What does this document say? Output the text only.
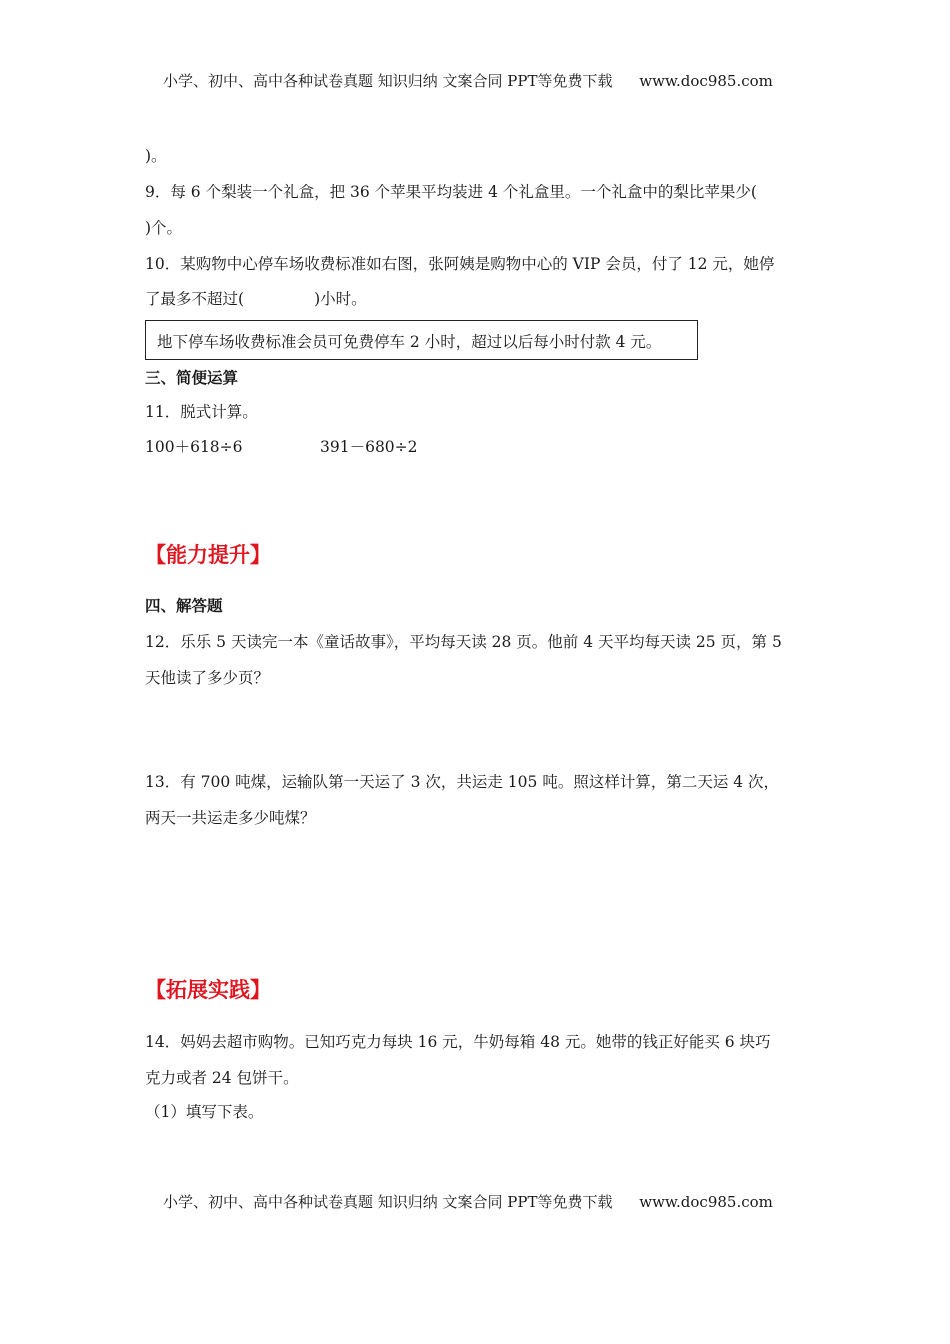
小学、初中、高中各种试卷真题 知识归纳 文案合同 PPT等免费下载 www.doc985.com
)。
9．每 6 个梨装一个礼盒，把 36 个苹果平均装进 4 个礼盒里。一个礼盒中的梨比苹果少(
)个。
10．某购物中心停车场收费标准如右图，张阿姨是购物中心的 VIP 会员，付了 12 元，她停
了最多不超过(	)小时。
地下停车场收费标准会员可免费停车 2 小时，超过以后每小时付款 4 元。
三、简便运算
11．脱式计算。
100＋618÷6	391－680÷2
【能力提升】
四、解答题
12．乐乐 5 天读完一本《童话故事》，平均每天读 28 页。他前 4 天平均每天读 25 页，第 5
天他读了多少页？
13．有 700 吨煤，运输队第一天运了 3 次，共运走 105 吨。照这样计算，第二天运 4 次，
两天一共运走多少吨煤？
【拓展实践】
14．妈妈去超市购物。已知巧克力每块 16 元，牛奶每箱 48 元。她带的钱正好能买 6 块巧
克力或者 24 包饼干。
（1）填写下表。
小学、初中、高中各种试卷真题 知识归纳 文案合同 PPT等免费下载 www.doc985.com
